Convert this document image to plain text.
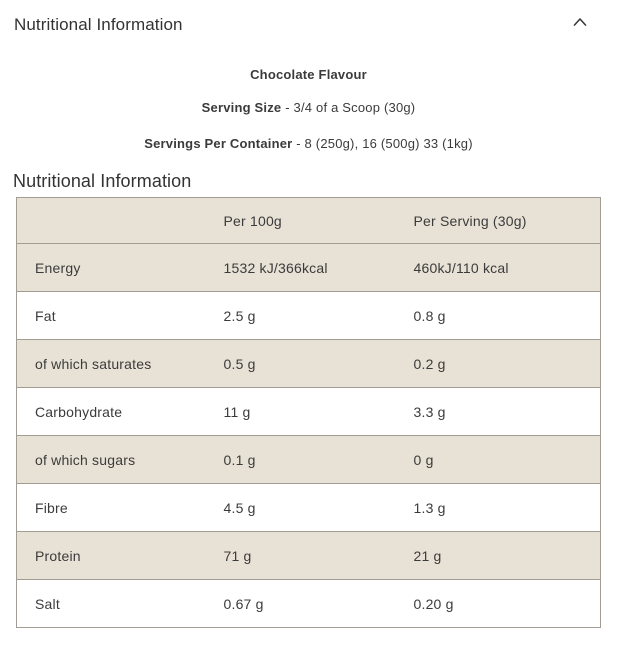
Nutritional Information

Chocolate Flavour

Serving Size - 3/4 of a Scoop (30g)

Servings Per Container - 8 (250g), 16 (500g) 33 (1kg)

Nutritional Information
	Per 100g	Per Serving (30g)
Energy	1532 kJ/366kcal	460kJ/110 kcal
Fat	2.5 g	0.8 g
of which saturates	0.5 g	0.2 g
Carbohydrate	11 g	3.3 g
of which sugars	0.1 g	0 g
Fibre	4.5 g	1.3 g
Protein	71 g	21 g
Salt	0.67 g	0.20 g
